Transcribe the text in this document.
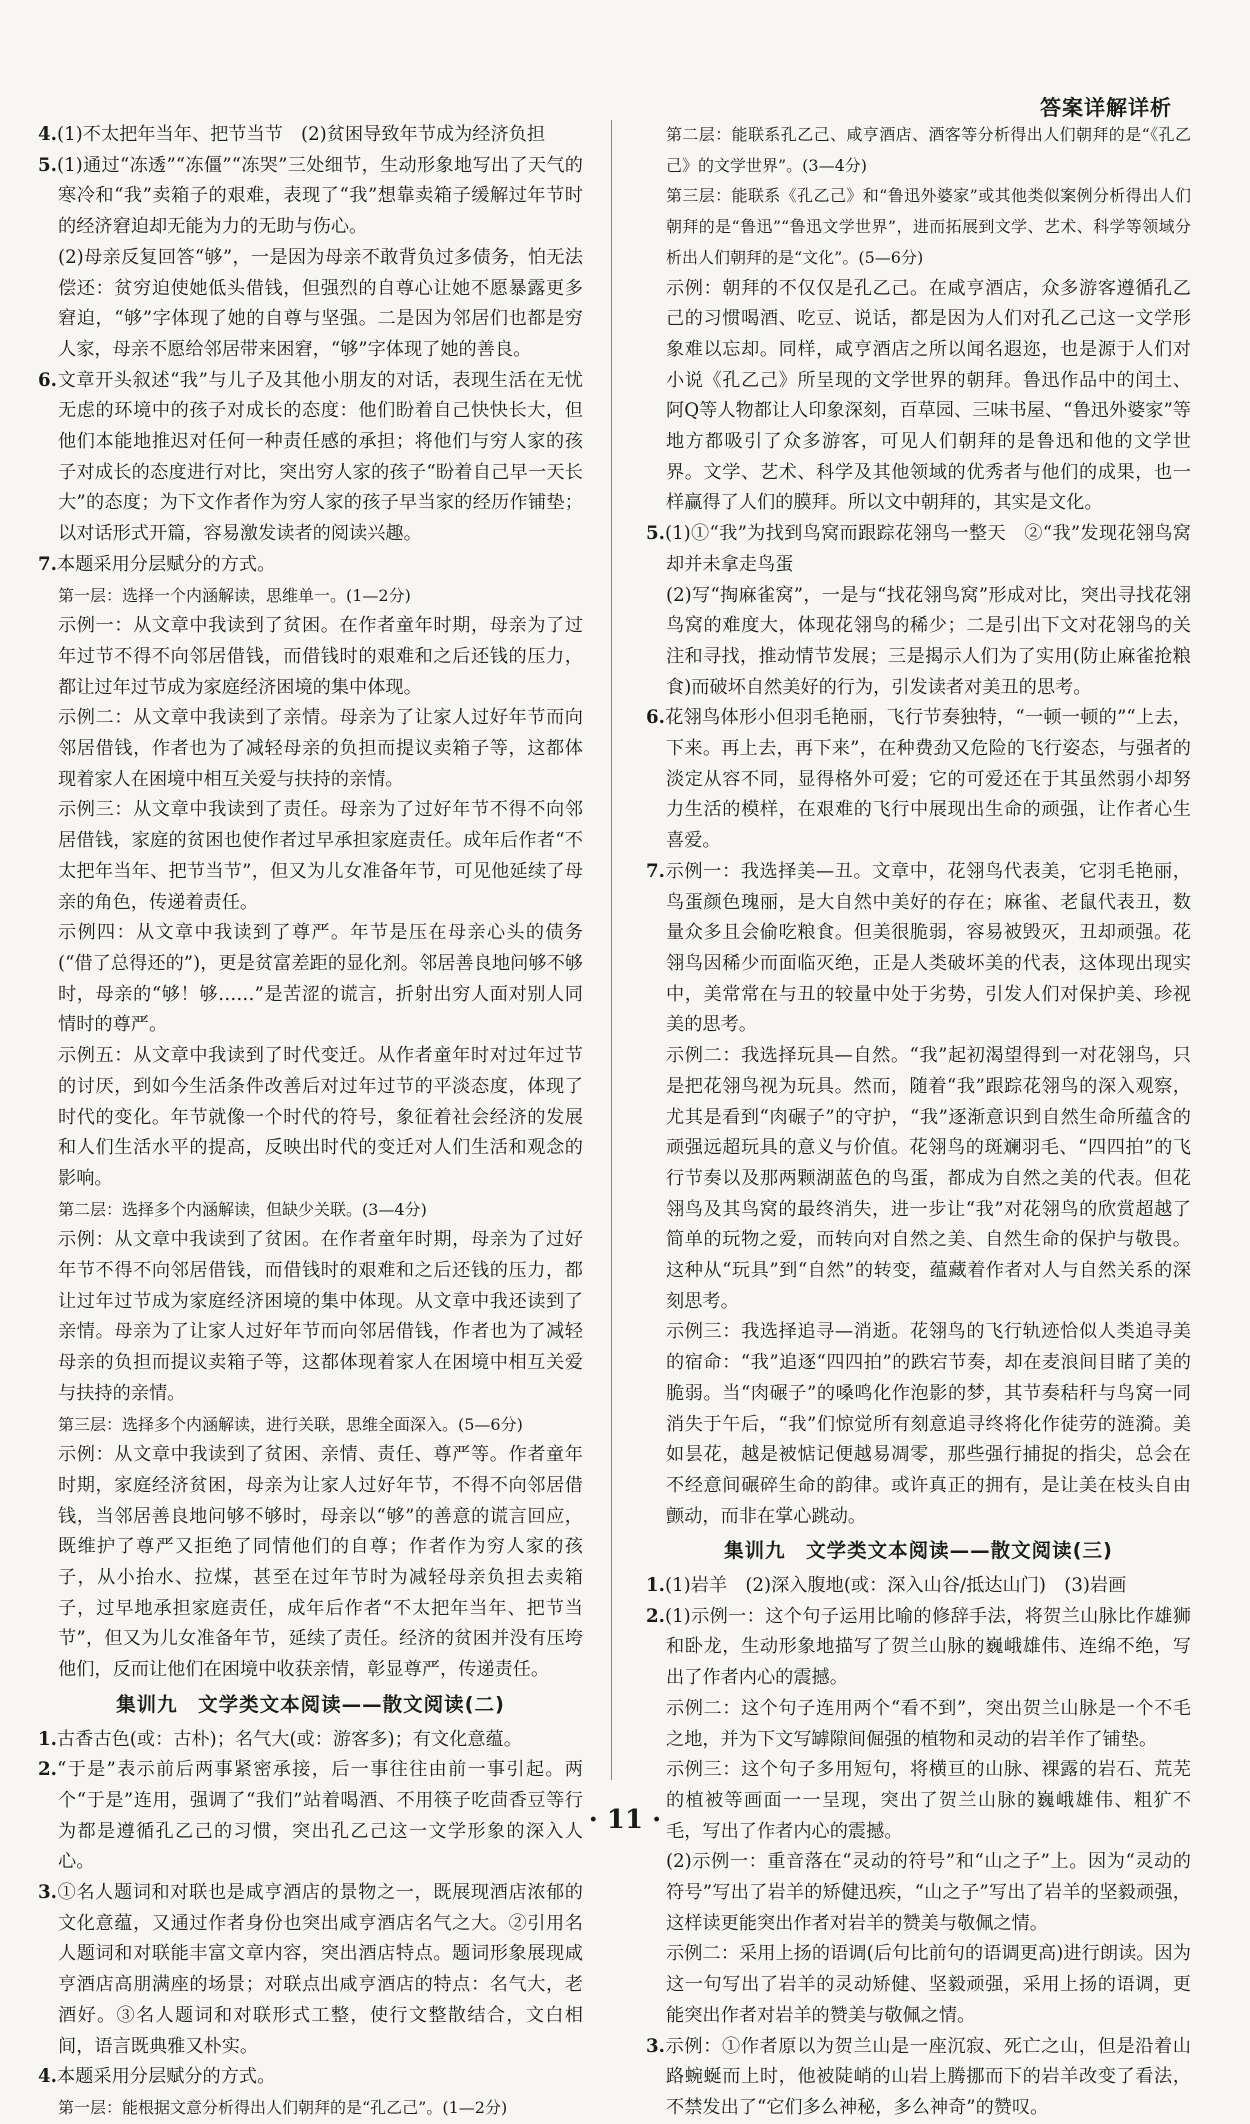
答案详解详析

4.(1)不太把年当年、把节当节　(2)贫困导致年节成为经济负担

5.(1)通过“冻透”“冻僵”“冻哭”三处细节，生动形象地写出了天气的寒冷和“我”卖箱子的艰难，表现了“我”想靠卖箱子缓解过年节时的经济窘迫却无能为力的无助与伤心。

(2)母亲反复回答“够”，一是因为母亲不敢背负过多债务，怕无法偿还：贫穷迫使她低头借钱，但强烈的自尊心让她不愿暴露更多窘迫，“够”字体现了她的自尊与坚强。二是因为邻居们也都是穷人家，母亲不愿给邻居带来困窘，“够”字体现了她的善良。

6.文章开头叙述“我”与儿子及其他小朋友的对话，表现生活在无忧无虑的环境中的孩子对成长的态度：他们盼着自己快快长大，但他们本能地推迟对任何一种责任感的承担；将他们与穷人家的孩子对成长的态度进行对比，突出穷人家的孩子“盼着自己早一天长大”的态度；为下文作者作为穷人家的孩子早当家的经历作铺垫；以对话形式开篇，容易激发读者的阅读兴趣。

7.本题采用分层赋分的方式。

第一层：选择一个内涵解读，思维单一。(1—2分)

示例一：从文章中我读到了贫困。在作者童年时期，母亲为了过年过节不得不向邻居借钱，而借钱时的艰难和之后还钱的压力，都让过年过节成为家庭经济困境的集中体现。

示例二：从文章中我读到了亲情。母亲为了让家人过好年节而向邻居借钱，作者也为了减轻母亲的负担而提议卖箱子等，这都体现着家人在困境中相互关爱与扶持的亲情。

示例三：从文章中我读到了责任。母亲为了过好年节不得不向邻居借钱，家庭的贫困也使作者过早承担家庭责任。成年后作者“不太把年当年、把节当节”，但又为儿女准备年节，可见他延续了母亲的角色，传递着责任。

示例四：从文章中我读到了尊严。年节是压在母亲心头的债务(“借了总得还的”)，更是贫富差距的显化剂。邻居善良地问够不够时，母亲的“够！够……”是苦涩的谎言，折射出穷人面对别人同情时的尊严。

示例五：从文章中我读到了时代变迁。从作者童年时对过年过节的讨厌，到如今生活条件改善后对过年过节的平淡态度，体现了时代的变化。年节就像一个时代的符号，象征着社会经济的发展和人们生活水平的提高，反映出时代的变迁对人们生活和观念的影响。

第二层：选择多个内涵解读，但缺少关联。(3—4分)

示例：从文章中我读到了贫困。在作者童年时期，母亲为了过好年节不得不向邻居借钱，而借钱时的艰难和之后还钱的压力，都让过年过节成为家庭经济困境的集中体现。从文章中我还读到了亲情。母亲为了让家人过好年节而向邻居借钱，作者也为了减轻母亲的负担而提议卖箱子等，这都体现着家人在困境中相互关爱与扶持的亲情。

第三层：选择多个内涵解读，进行关联，思维全面深入。(5—6分)

示例：从文章中我读到了贫困、亲情、责任、尊严等。作者童年时期，家庭经济贫困，母亲为让家人过好年节，不得不向邻居借钱，当邻居善良地问够不够时，母亲以“够”的善意的谎言回应，既维护了尊严又拒绝了同情他们的自尊；作者作为穷人家的孩子，从小抬水、拉煤，甚至在过年节时为减轻母亲负担去卖箱子，过早地承担家庭责任，成年后作者“不太把年当年、把节当节”，但又为儿女准备年节，延续了责任。经济的贫困并没有压垮他们，反而让他们在困境中收获亲情，彰显尊严，传递责任。

集训九　文学类文本阅读——散文阅读(二)

1.古香古色(或：古朴)；名气大(或：游客多)；有文化意蕴。

2.“于是”表示前后两事紧密承接，后一事往往由前一事引起。两个“于是”连用，强调了“我们”站着喝酒、不用筷子吃茴香豆等行为都是遵循孔乙己的习惯，突出孔乙己这一文学形象的深入人心。

3.①名人题词和对联也是咸亨酒店的景物之一，既展现酒店浓郁的文化意蕴，又通过作者身份也突出咸亨酒店名气之大。②引用名人题词和对联能丰富文章内容，突出酒店特点。题词形象展现咸亨酒店高朋满座的场景；对联点出咸亨酒店的特点：名气大，老酒好。③名人题词和对联形式工整，使行文整散结合，文白相间，语言既典雅又朴实。

4.本题采用分层赋分的方式。

第一层：能根据文意分析得出人们朝拜的是“孔乙己”。(1—2分)

第二层：能联系孔乙己、咸亨酒店、酒客等分析得出人们朝拜的是“《孔乙己》的文学世界”。(3—4分)

第三层：能联系《孔乙己》和“鲁迅外婆家”或其他类似案例分析得出人们朝拜的是“鲁迅”“鲁迅文学世界”，进而拓展到文学、艺术、科学等领域分析出人们朝拜的是“文化”。(5—6分)

示例：朝拜的不仅仅是孔乙己。在咸亨酒店，众多游客遵循孔乙己的习惯喝酒、吃豆、说话，都是因为人们对孔乙己这一文学形象难以忘却。同样，咸亨酒店之所以闻名遐迩，也是源于人们对小说《孔乙己》所呈现的文学世界的朝拜。鲁迅作品中的闰土、阿Q等人物都让人印象深刻，百草园、三味书屋、“鲁迅外婆家”等地方都吸引了众多游客，可见人们朝拜的是鲁迅和他的文学世界。文学、艺术、科学及其他领域的优秀者与他们的成果，也一样赢得了人们的膜拜。所以文中朝拜的，其实是文化。

5.(1)①“我”为找到鸟窝而跟踪花翎鸟一整天　②“我”发现花翎鸟窝却并未拿走鸟蛋

(2)写“掏麻雀窝”，一是与“找花翎鸟窝”形成对比，突出寻找花翎鸟窝的难度大，体现花翎鸟的稀少；二是引出下文对花翎鸟的关注和寻找，推动情节发展；三是揭示人们为了实用(防止麻雀抢粮食)而破坏自然美好的行为，引发读者对美丑的思考。

6.花翎鸟体形小但羽毛艳丽，飞行节奏独特，“一顿一顿的”“上去，下来。再上去，再下来”，在种费劲又危险的飞行姿态，与强者的淡定从容不同，显得格外可爱；它的可爱还在于其虽然弱小却努力生活的模样，在艰难的飞行中展现出生命的顽强，让作者心生喜爱。

7.示例一：我选择美—丑。文章中，花翎鸟代表美，它羽毛艳丽，鸟蛋颜色瑰丽，是大自然中美好的存在；麻雀、老鼠代表丑，数量众多且会偷吃粮食。但美很脆弱，容易被毁灭，丑却顽强。花翎鸟因稀少而面临灭绝，正是人类破坏美的代表，这体现出现实中，美常常在与丑的较量中处于劣势，引发人们对保护美、珍视美的思考。

示例二：我选择玩具—自然。“我”起初渴望得到一对花翎鸟，只是把花翎鸟视为玩具。然而，随着“我”跟踪花翎鸟的深入观察，尤其是看到“肉碾子”的守护，“我”逐渐意识到自然生命所蕴含的顽强远超玩具的意义与价值。花翎鸟的斑斓羽毛、“四四拍”的飞行节奏以及那两颗湖蓝色的鸟蛋，都成为自然之美的代表。但花翎鸟及其鸟窝的最终消失，进一步让“我”对花翎鸟的欣赏超越了简单的玩物之爱，而转向对自然之美、自然生命的保护与敬畏。这种从“玩具”到“自然”的转变，蕴藏着作者对人与自然关系的深刻思考。

示例三：我选择追寻—消逝。花翎鸟的飞行轨迹恰似人类追寻美的宿命：“我”追逐“四四拍”的跌宕节奏，却在麦浪间目睹了美的脆弱。当“肉碾子”的嗓鸣化作泡影的梦，其节奏秸秆与鸟窝一同消失于午后，“我”们惊觉所有刻意追寻终将化作徒劳的涟漪。美如昙花，越是被惦记便越易凋零，那些强行捕捉的指尖，总会在不经意间碾碎生命的韵律。或许真正的拥有，是让美在枝头自由颤动，而非在掌心跳动。

集训九　文学类文本阅读——散文阅读(三)

1.(1)岩羊　(2)深入腹地(或：深入山谷/抵达山门)　(3)岩画

2.(1)示例一：这个句子运用比喻的修辞手法，将贺兰山脉比作雄狮和卧龙，生动形象地描写了贺兰山脉的巍峨雄伟、连绵不绝，写出了作者内心的震撼。

示例二：这个句子连用两个“看不到”，突出贺兰山脉是一个不毛之地，并为下文写罅隙间倔强的植物和灵动的岩羊作了铺垫。

示例三：这个句子多用短句，将横亘的山脉、裸露的岩石、荒芜的植被等画面一一呈现，突出了贺兰山脉的巍峨雄伟、粗犷不毛，写出了作者内心的震撼。

(2)示例一：重音落在“灵动的符号”和“山之子”上。因为“灵动的符号”写出了岩羊的矫健迅疾，“山之子”写出了岩羊的坚毅顽强，这样读更能突出作者对岩羊的赞美与敬佩之情。

示例二：采用上扬的语调(后句比前句的语调更高)进行朗读。因为这一句写出了岩羊的灵动矫健、坚毅顽强，采用上扬的语调，更能突出作者对岩羊的赞美与敬佩之情。

3.示例：①作者原以为贺兰山是一座沉寂、死亡之山，但是沿着山路蜿蜒而上时，他被陡峭的山岩上腾挪而下的岩羊改变了看法，不禁发出了“它们多么神秘，多么神奇”的赞叹。

· 11 ·
